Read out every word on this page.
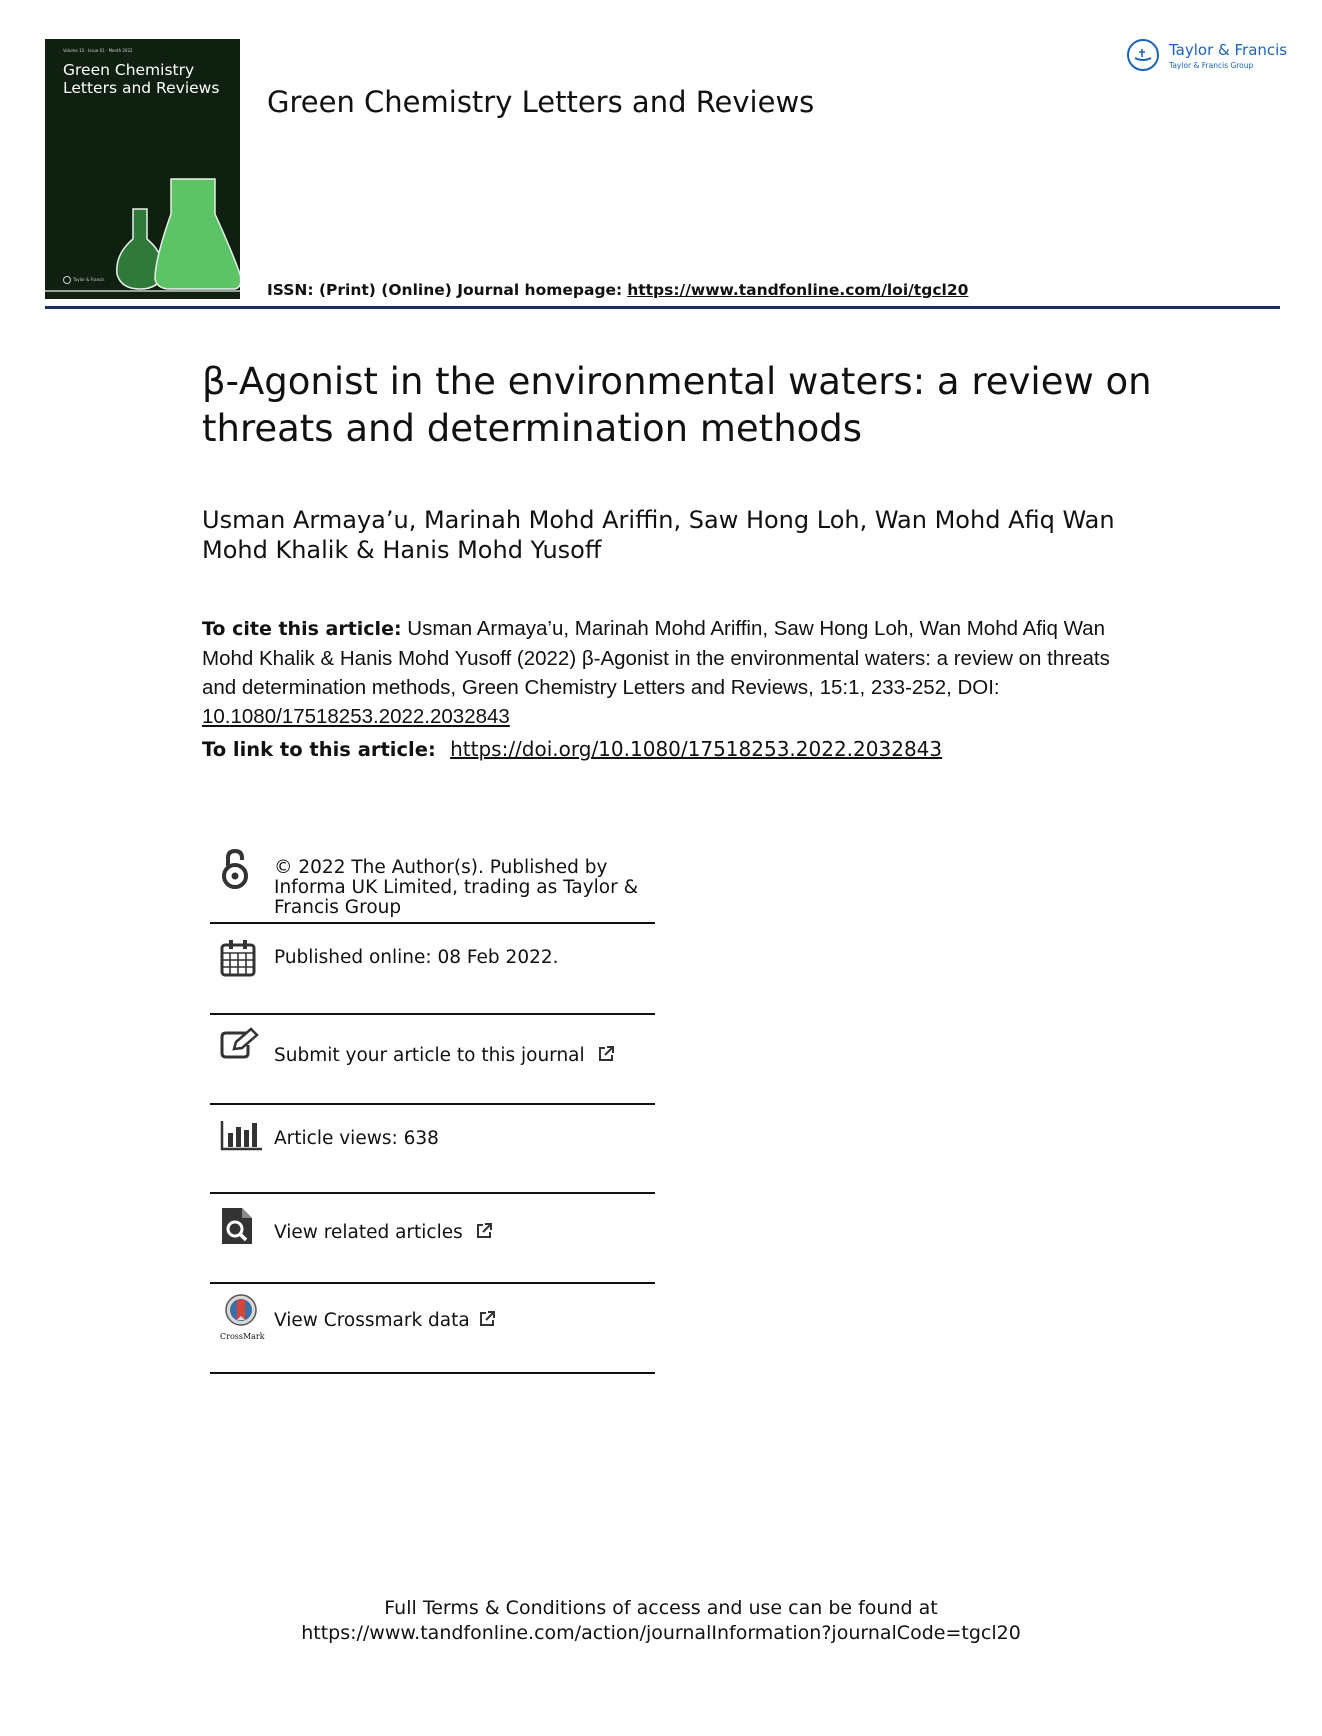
Volume 15 · Issue 01 · Month 2022
Green Chemistry Letters and Reviews
Taylor & Francis
Green Chemistry Letters and Reviews
ISSN: (Print) (Online) Journal homepage: https://www.tandfonline.com/loi/tgcl20
Taylor & Francis
Taylor & Francis Group
β-Agonist in the environmental waters: a review on threats and determination methods
Usman Armaya’u, Marinah Mohd Ariffin, Saw Hong Loh, Wan Mohd Afiq Wan Mohd Khalik & Hanis Mohd Yusoff
To cite this article: Usman Armaya’u, Marinah Mohd Ariffin, Saw Hong Loh, Wan Mohd Afiq Wan Mohd Khalik & Hanis Mohd Yusoff (2022) β-Agonist in the environmental waters: a review on threats and determination methods, Green Chemistry Letters and Reviews, 15:1, 233-252, DOI:
10.1080/17518253.2022.2032843
To link to this article: https://doi.org/10.1080/17518253.2022.2032843
© 2022 The Author(s). Published by Informa UK Limited, trading as Taylor & Francis Group
Published online: 08 Feb 2022.
Submit your article to this journal
Article views: 638
View related articles
CrossMark
View Crossmark data
Full Terms & Conditions of access and use can be found at
https://www.tandfonline.com/action/journalInformation?journalCode=tgcl20
